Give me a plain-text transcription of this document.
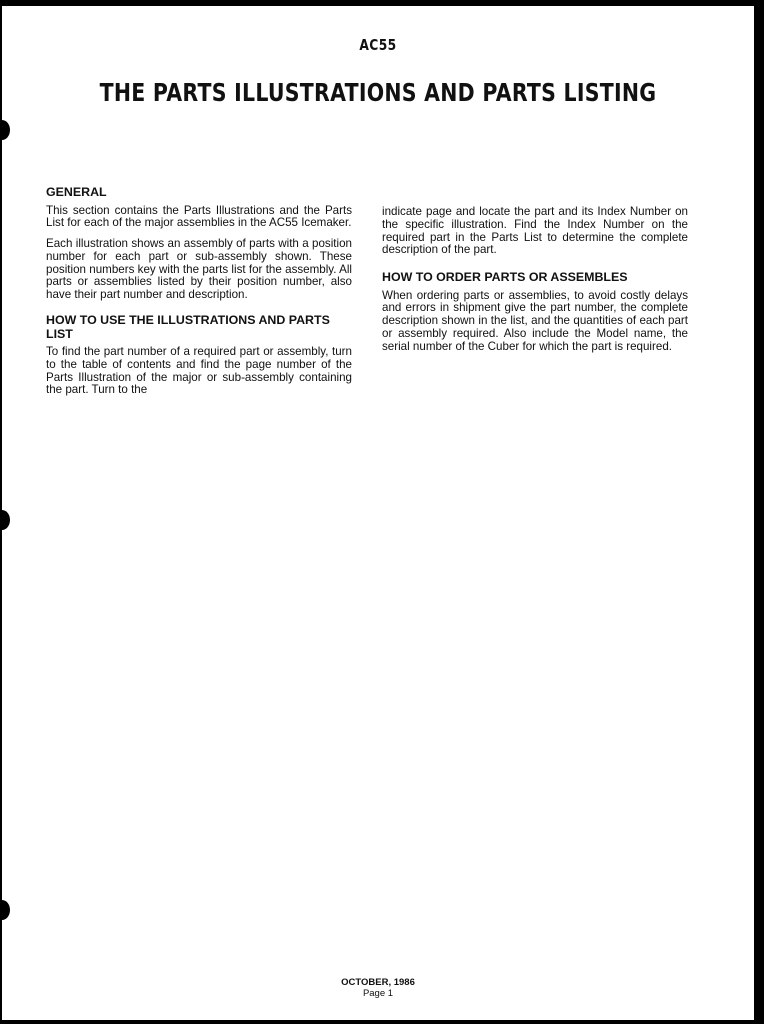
AC55
THE PARTS ILLUSTRATIONS AND PARTS LISTING
GENERAL

This section contains the Parts Illustrations and the Parts List for each of the major assemblies in the AC55 Icemaker.

Each illustration shows an assembly of parts with a position number for each part or sub-assembly shown. These position numbers key with the parts list for the assembly. All parts or assemblies listed by their position number, also have their part number and description.

HOW TO USE THE ILLUSTRATIONS AND PARTS LIST

To find the part number of a required part or assembly, turn to the table of contents and find the page number of the Parts Illustration of the major or sub-assembly containing the part. Turn to the

indicate page and locate the part and its Index Number on the specific illustration. Find the Index Number on the required part in the Parts List to determine the complete description of the part.

HOW TO ORDER PARTS OR ASSEMBLES

When ordering parts or assemblies, to avoid costly delays and errors in shipment give the part number, the complete description shown in the list, and the quantities of each part or assembly required. Also include the Model name, the serial number of the Cuber for which the part is required.

OCTOBER, 1986
Page 1
